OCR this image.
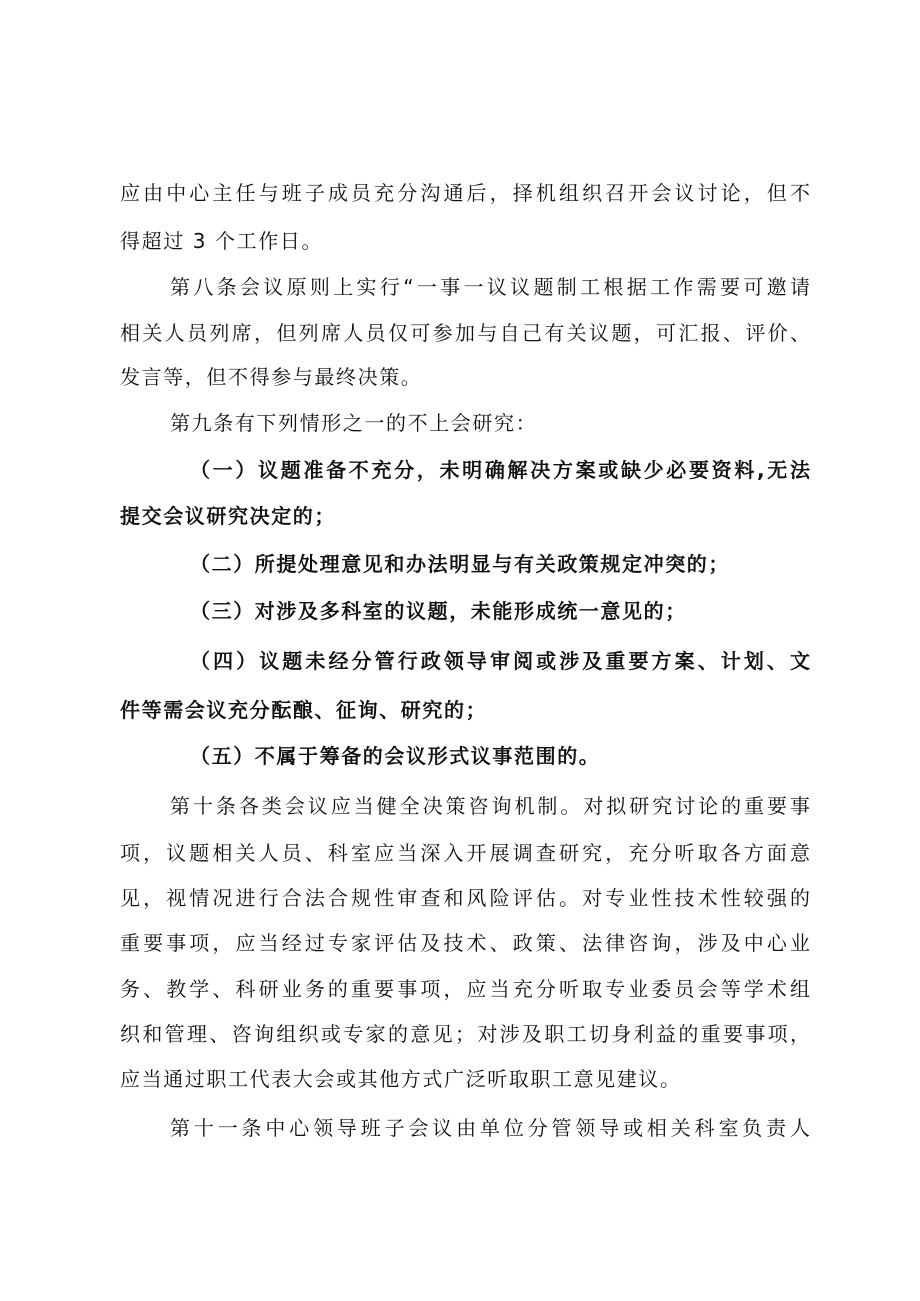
应由中心主任与班子成员充分沟通后，择机组织召开会议讨论，但不
得超过 3 个工作日。
第八条会议原则上实行“一事一议议题制工根据工作需要可邀请
相关人员列席，但列席人员仅可参加与自己有关议题，可汇报、评价、
发言等，但不得参与最终决策。
第九条有下列情形之一的不上会研究：
（一）议题准备不充分，未明确解决方案或缺少必要资料,无法
提交会议研究决定的；
（二）所提处理意见和办法明显与有关政策规定冲突的；
（三）对涉及多科室的议题，未能形成统一意见的；
（四）议题未经分管行政领导审阅或涉及重要方案、计划、文
件等需会议充分酝酿、征询、研究的；
（五）不属于筹备的会议形式议事范围的。
第十条各类会议应当健全决策咨询机制。对拟研究讨论的重要事
项，议题相关人员、科室应当深入开展调查研究，充分听取各方面意
见，视情况进行合法合规性审查和风险评估。对专业性技术性较强的
重要事项，应当经过专家评估及技术、政策、法律咨询，涉及中心业
务、教学、科研业务的重要事项，应当充分听取专业委员会等学术组
织和管理、咨询组织或专家的意见；对涉及职工切身利益的重要事项，
应当通过职工代表大会或其他方式广泛听取职工意见建议。
第十一条中心领导班子会议由单位分管领导或相关科室负责人
